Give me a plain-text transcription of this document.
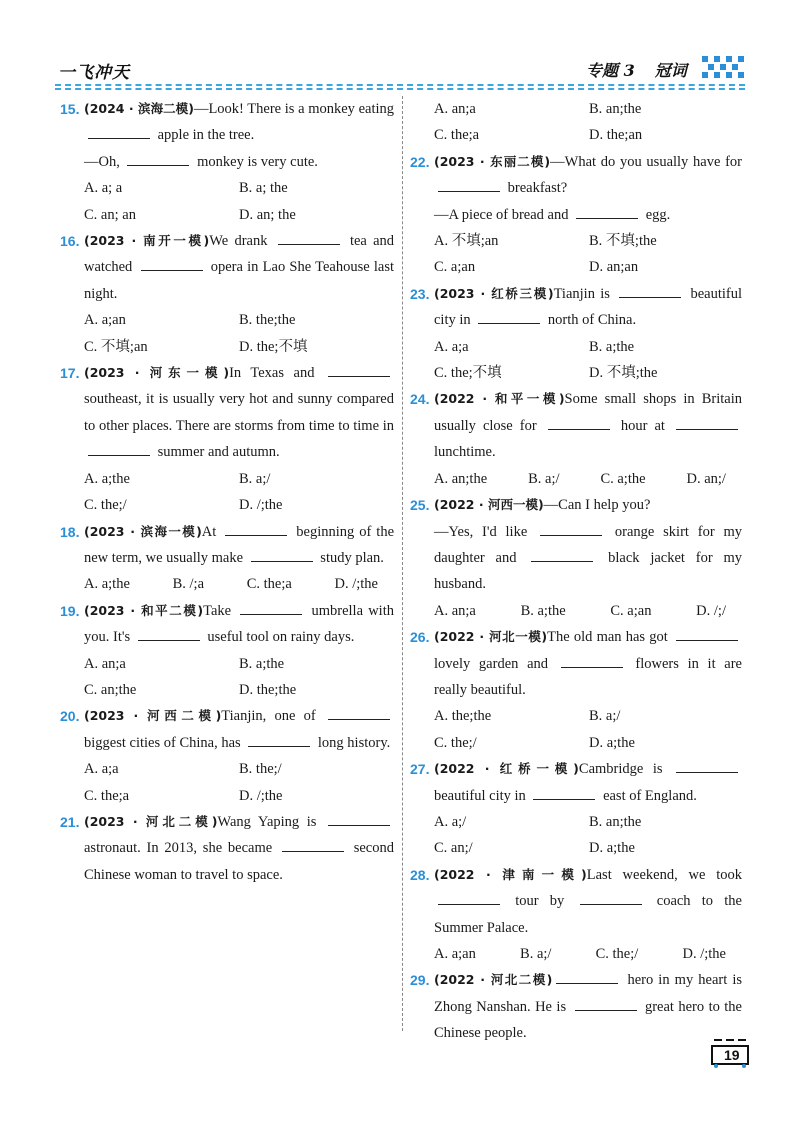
一飞冲天	专题 3 冠词
15. (2024 · 滨海二模)—Look! There is a monkey eating  apple in the tree.
—Oh,	monkey is very cute.
A. a; a	B. a; the
C. an; an	D. an; the
16. (2023 · 南开一模)We drank	tea and watched	opera in Lao She Teahouse last night.
A. a;an	B. the;the
C. 不填;an	D. the;不填
17. (2023 · 河东一模)In Texas and  southeast, it is usually very hot and sunny compared to other places. There are storms from time to time in  summer and autumn.
A. a;the	B. a;/
C. the;/	D. /;the
18. (2023 · 滨海一模)At	beginning of the new term, we usually make	study plan.
A. a;the	B. /;a	C. the;a	D. /;the
19. (2023 · 和平二模)Take	umbrella with you. It's	useful tool on rainy days.
A. an;a	B. a;the
C. an;the	D. the;the
20. (2023 · 河西二模)Tianjin, one of  biggest cities of China, has	long history.
A. a;a	B. the;/
C. the;a	D. /;the
21. (2023 · 河北二模)Wang Yaping is  astronaut. In 2013, she became	second Chinese woman to travel to space.
A. an;a	B. an;the
C. the;a	D. the;an
22. (2023 · 东丽二模)—What do you usually have for  breakfast?
—A piece of bread and	egg.
A. 不填;an	B. 不填;the
C. a;an	D. an;an
23. (2023 · 红桥三模)Tianjin is	beautiful city in	north of China.
A. a;a	B. a;the
C. the;不填	D. 不填;the
24. (2022 · 和平一模)Some small shops in Britain usually close for	hour at  lunchtime.
A. an;the	B. a;/	C. a;the	D. an;/
25. (2022 · 河西一模)—Can I help you?
—Yes, I'd like	orange skirt for my daughter and	black jacket for my husband.
A. an;a	B. a;the	C. a;an	D. /;/
26. (2022 · 河北一模)The old man has got  lovely garden and	flowers in it are really beautiful.
A. the;the	B. a;/
C. the;/	D. a;the
27. (2022 · 红桥一模)Cambridge is  beautiful city in	east of England.
A. a;/	B. an;the
C. an;/	D. a;the
28. (2022 · 津南一模)Last weekend, we took  tour by	coach to the Summer Palace.
A. a;an	B. a;/	C. the;/	D. /;the
29. (2022 · 河北二模)	hero in my heart is Zhong Nanshan. He is	great hero to the Chinese people.
19
